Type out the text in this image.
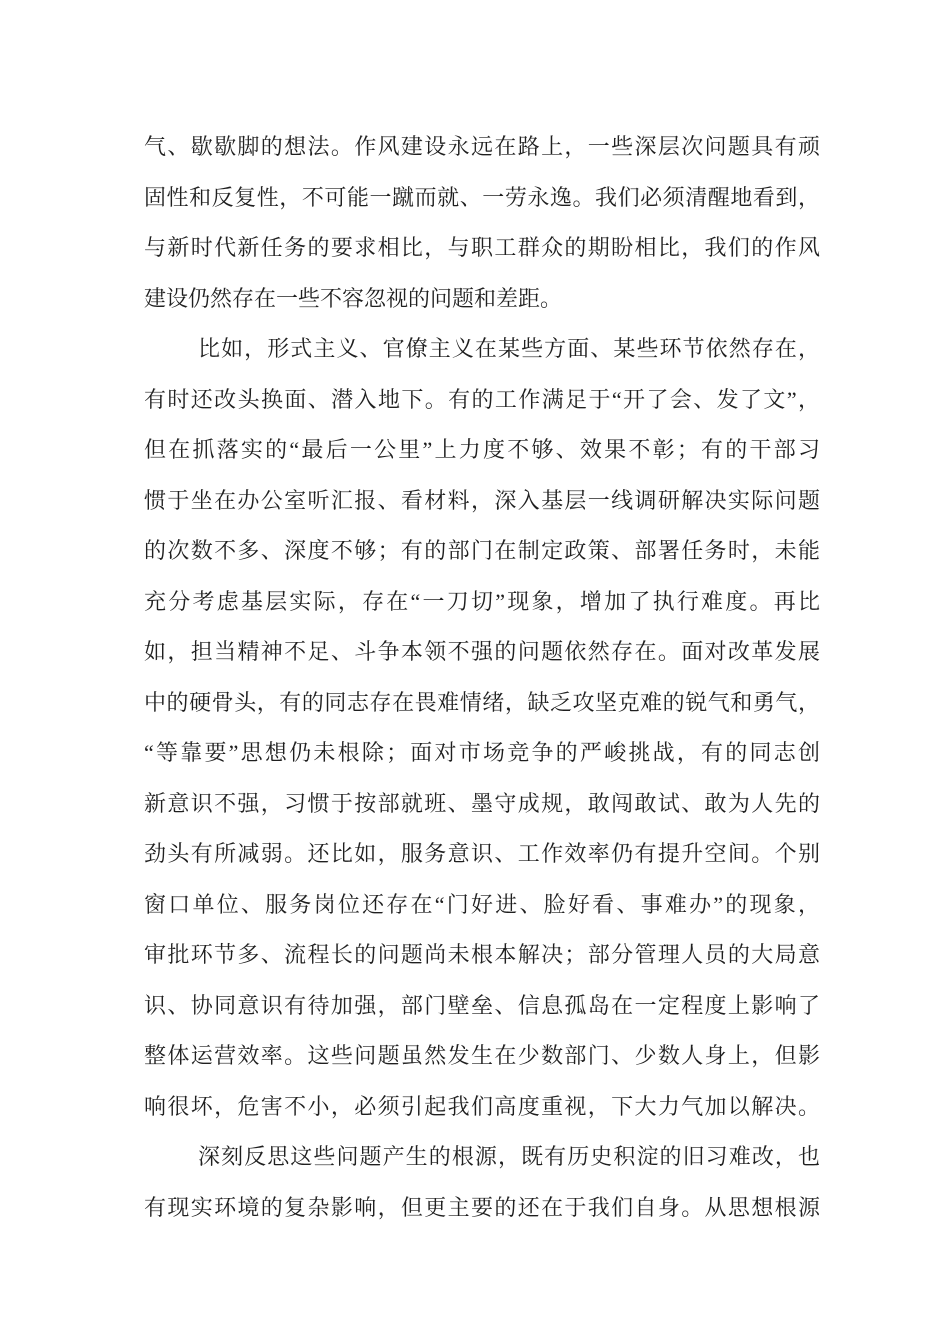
气、歇歇脚的想法。作风建设永远在路上，一些深层次问题具有顽
固性和反复性，不可能一蹴而就、一劳永逸。我们必须清醒地看到，
与新时代新任务的要求相比，与职工群众的期盼相比，我们的作风
建设仍然存在一些不容忽视的问题和差距。
比如，形式主义、官僚主义在某些方面、某些环节依然存在，
有时还改头换面、潜入地下。有的工作满足于“开了会、发了文”，
但在抓落实的“最后一公里”上力度不够、效果不彰；有的干部习
惯于坐在办公室听汇报、看材料，深入基层一线调研解决实际问题
的次数不多、深度不够；有的部门在制定政策、部署任务时，未能
充分考虑基层实际，存在“一刀切”现象，增加了执行难度。再比
如，担当精神不足、斗争本领不强的问题依然存在。面对改革发展
中的硬骨头，有的同志存在畏难情绪，缺乏攻坚克难的锐气和勇气，
“等靠要”思想仍未根除；面对市场竞争的严峻挑战，有的同志创
新意识不强，习惯于按部就班、墨守成规，敢闯敢试、敢为人先的
劲头有所减弱。还比如，服务意识、工作效率仍有提升空间。个别
窗口单位、服务岗位还存在“门好进、脸好看、事难办”的现象，
审批环节多、流程长的问题尚未根本解决；部分管理人员的大局意
识、协同意识有待加强，部门壁垒、信息孤岛在一定程度上影响了
整体运营效率。这些问题虽然发生在少数部门、少数人身上，但影
响很坏，危害不小，必须引起我们高度重视，下大力气加以解决。
深刻反思这些问题产生的根源，既有历史积淀的旧习难改，也
有现实环境的复杂影响，但更主要的还在于我们自身。从思想根源
